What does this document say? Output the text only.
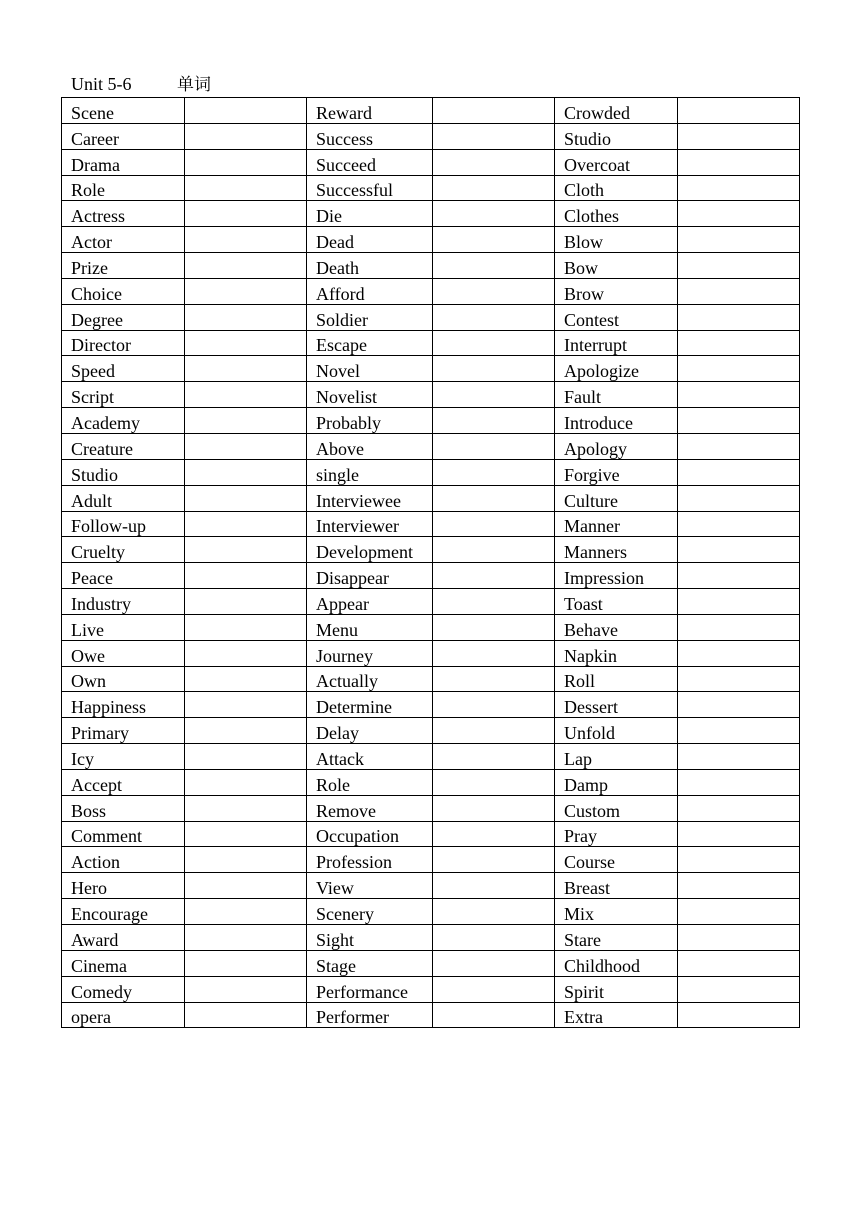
Unit 5-6	单词
Scene		Reward		Crowded	
Career		Success		Studio	
Drama		Succeed		Overcoat	
Role		Successful		Cloth	
Actress		Die		Clothes	
Actor		Dead		Blow	
Prize		Death		Bow	
Choice		Afford		Brow	
Degree		Soldier		Contest	
Director		Escape		Interrupt	
Speed		Novel		Apologize	
Script		Novelist		Fault	
Academy		Probably		Introduce	
Creature		Above		Apology	
Studio		single		Forgive	
Adult		Interviewee		Culture	
Follow-up		Interviewer		Manner	
Cruelty		Development		Manners	
Peace		Disappear		Impression	
Industry		Appear		Toast	
Live		Menu		Behave	
Owe		Journey		Napkin	
Own		Actually		Roll	
Happiness		Determine		Dessert	
Primary		Delay		Unfold	
Icy		Attack		Lap	
Accept		Role		Damp	
Boss		Remove		Custom	
Comment		Occupation		Pray	
Action		Profession		Course	
Hero		View		Breast	
Encourage		Scenery		Mix	
Award		Sight		Stare	
Cinema		Stage		Childhood	
Comedy		Performance		Spirit	
opera		Performer		Extra	
